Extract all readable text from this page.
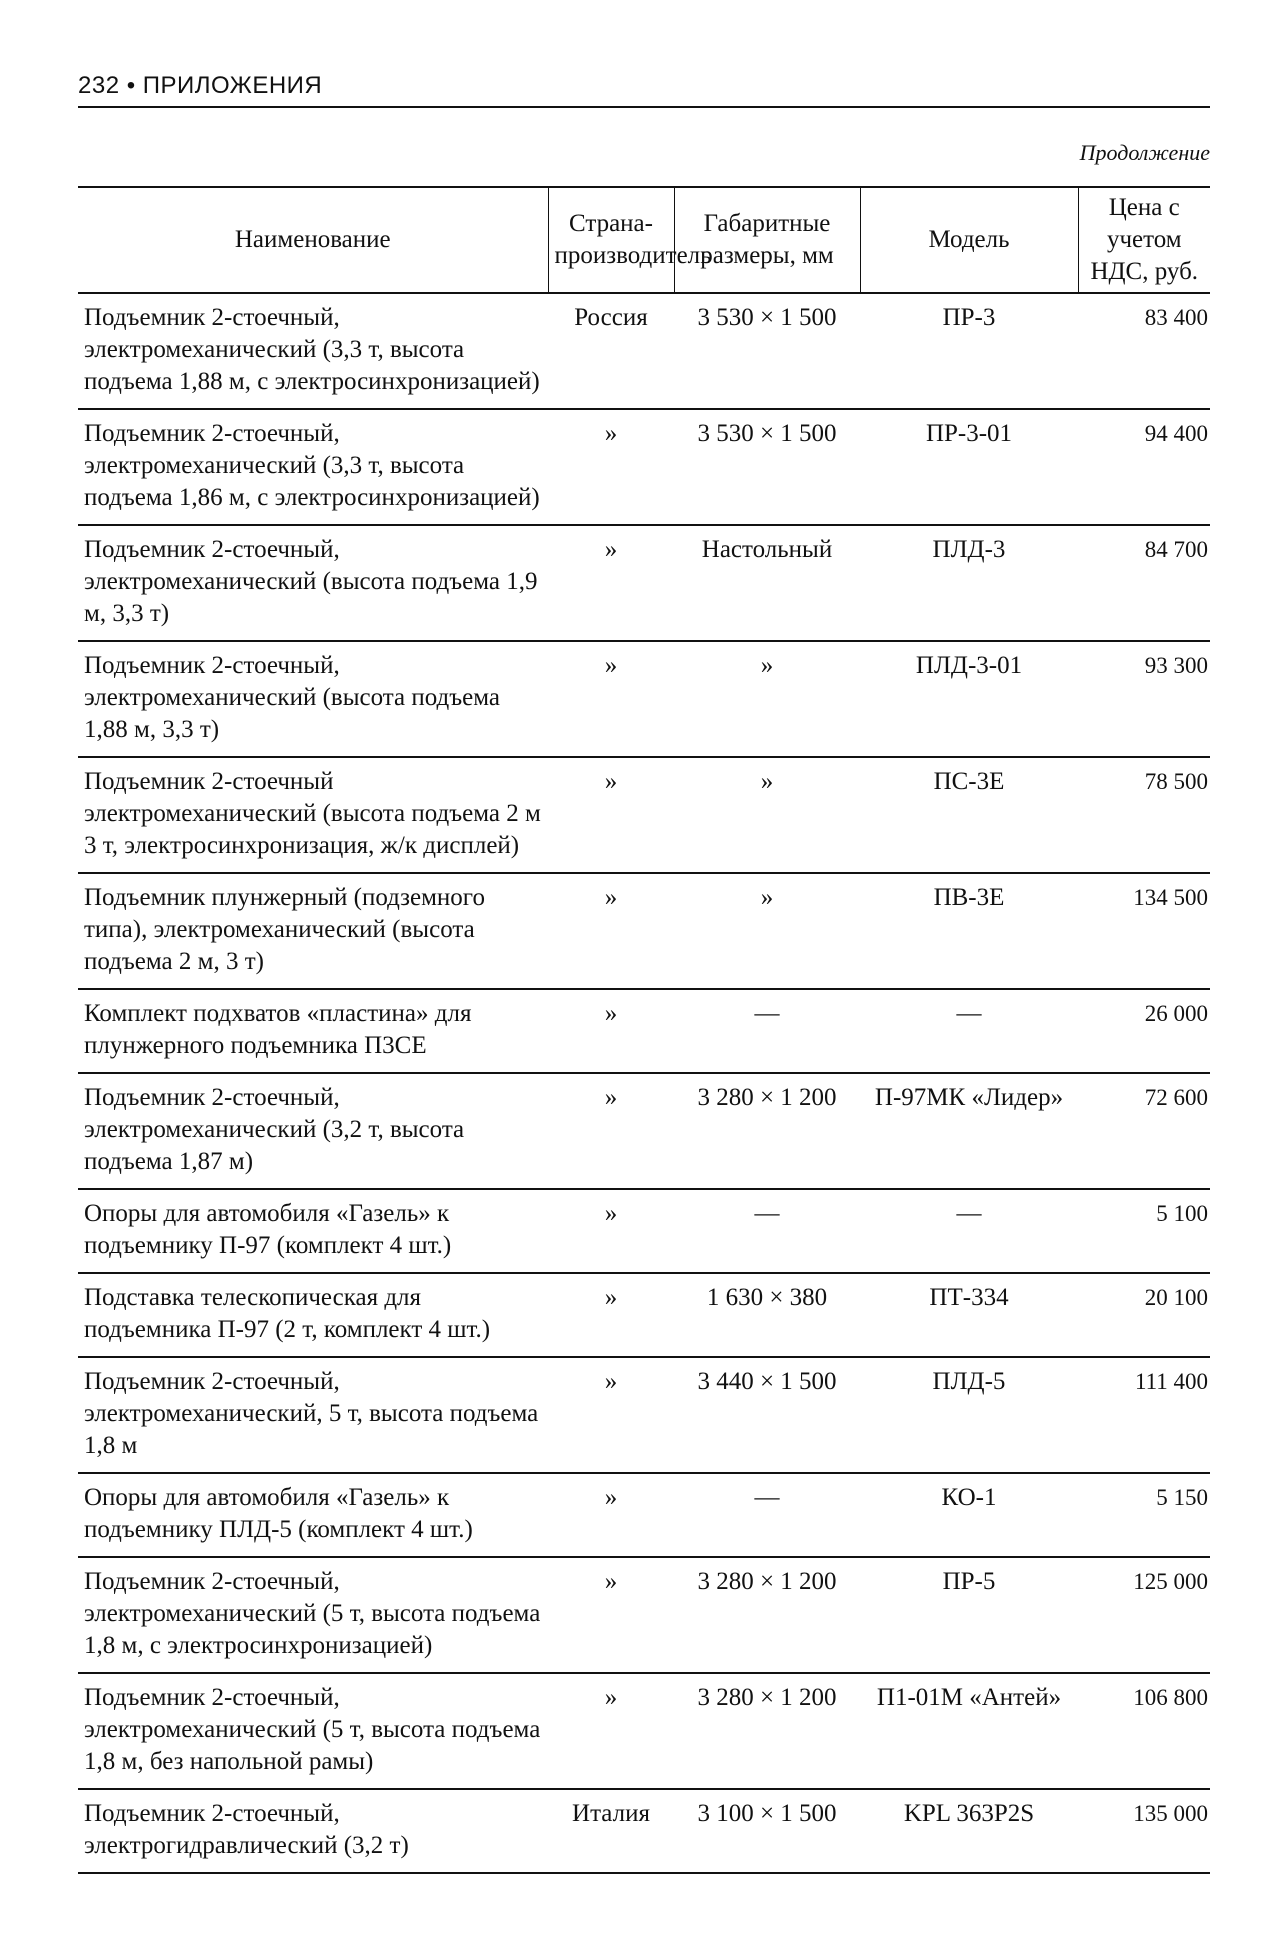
232 • ПРИЛОЖЕНИЯ
Продолжение
Наименование	Страна-производитель	Габаритные размеры, мм	Модель	Цена с учетом НДС, руб.
Подъемник 2-стоечный, электромеханический (3,3 т, высота подъема 1,88 м, с электросинхронизацией)	Россия	3 530 × 1 500	ПР-3	83 400
Подъемник 2-стоечный, электромеханический (3,3 т, высота подъема 1,86 м, с электросинхронизацией)	»	3 530 × 1 500	ПР-3-01	94 400
Подъемник 2-стоечный, электромеханический (высота подъема 1,9 м, 3,3 т)	»	Настольный	ПЛД-3	84 700
Подъемник 2-стоечный, электромеханический (высота подъема 1,88 м, 3,3 т)	»	»	ПЛД-3-01	93 300
Подъемник 2-стоечный электромеханический (высота подъема 2 м 3 т, электросинхронизация, ж/к дисплей)	»	»	ПС-3Е	78 500
Подъемник плунжерный (подземного типа), электромеханический (высота подъема 2 м, 3 т)	»	»	ПВ-3Е	134 500
Комплект подхватов «пластина» для плунжерного подъемника П3СЕ	»	—	—	26 000
Подъемник 2-стоечный, электромеханический (3,2 т, высота подъема 1,87 м)	»	3 280 × 1 200	П-97МК «Лидер»	72 600
Опоры для автомобиля «Газель» к подъемнику П-97 (комплект 4 шт.)	»	—	—	5 100
Подставка телескопическая для подъемника П-97 (2 т, комплект 4 шт.)	»	1 630 × 380	ПТ-334	20 100
Подъемник 2-стоечный, электромеханический, 5 т, высота подъема 1,8 м	»	3 440 × 1 500	ПЛД-5	111 400
Опоры для автомобиля «Газель» к подъемнику ПЛД-5 (комплект 4 шт.)	»	—	КО-1	5 150
Подъемник 2-стоечный, электромеханический (5 т, высота подъема 1,8 м, с электросинхронизацией)	»	3 280 × 1 200	ПР-5	125 000
Подъемник 2-стоечный, электромеханический (5 т, высота подъема 1,8 м, без напольной рамы)	»	3 280 × 1 200	П1-01М «Антей»	106 800
Подъемник 2-стоечный, электрогидравлический (3,2 т)	Италия	3 100 × 1 500	KPL 363P2S	135 000
